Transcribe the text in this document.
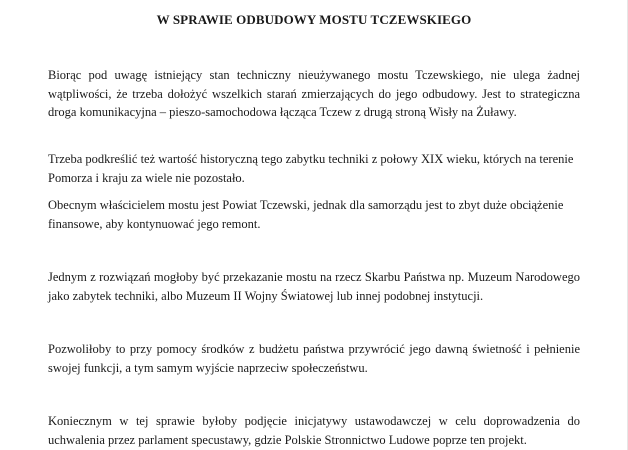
W SPRAWIE ODBUDOWY MOSTU TCZEWSKIEGO

Biorąc pod uwagę istniejący stan techniczny nieużywanego mostu Tczewskiego, nie ulega żadnej wątpliwości, że trzeba dołożyć wszelkich starań zmierzających do jego odbudowy. Jest to strategiczna droga komunikacyjna – pieszo-samochodowa łącząca Tczew z drugą stroną Wisły na Żuławy.

Trzeba podkreślić też wartość historyczną tego zabytku techniki z połowy XIX wieku, których na terenie Pomorza i kraju za wiele nie pozostało.

Obecnym właścicielem mostu jest Powiat Tczewski, jednak dla samorządu jest to zbyt duże obciążenie finansowe, aby kontynuować jego remont.

Jednym z rozwiązań mogłoby być przekazanie mostu na rzecz Skarbu Państwa np. Muzeum Narodowego jako zabytek techniki, albo Muzeum II Wojny Światowej lub innej podobnej instytucji.

Pozwoliłoby to przy pomocy środków z budżetu państwa przywrócić jego dawną świetność i pełnienie swojej funkcji, a tym samym wyjście naprzeciw społeczeństwu.

Koniecznym w tej sprawie byłoby podjęcie inicjatywy ustawodawczej w celu doprowadzenia do uchwalenia przez parlament specustawy, gdzie Polskie Stronnictwo Ludowe poprze ten projekt.
